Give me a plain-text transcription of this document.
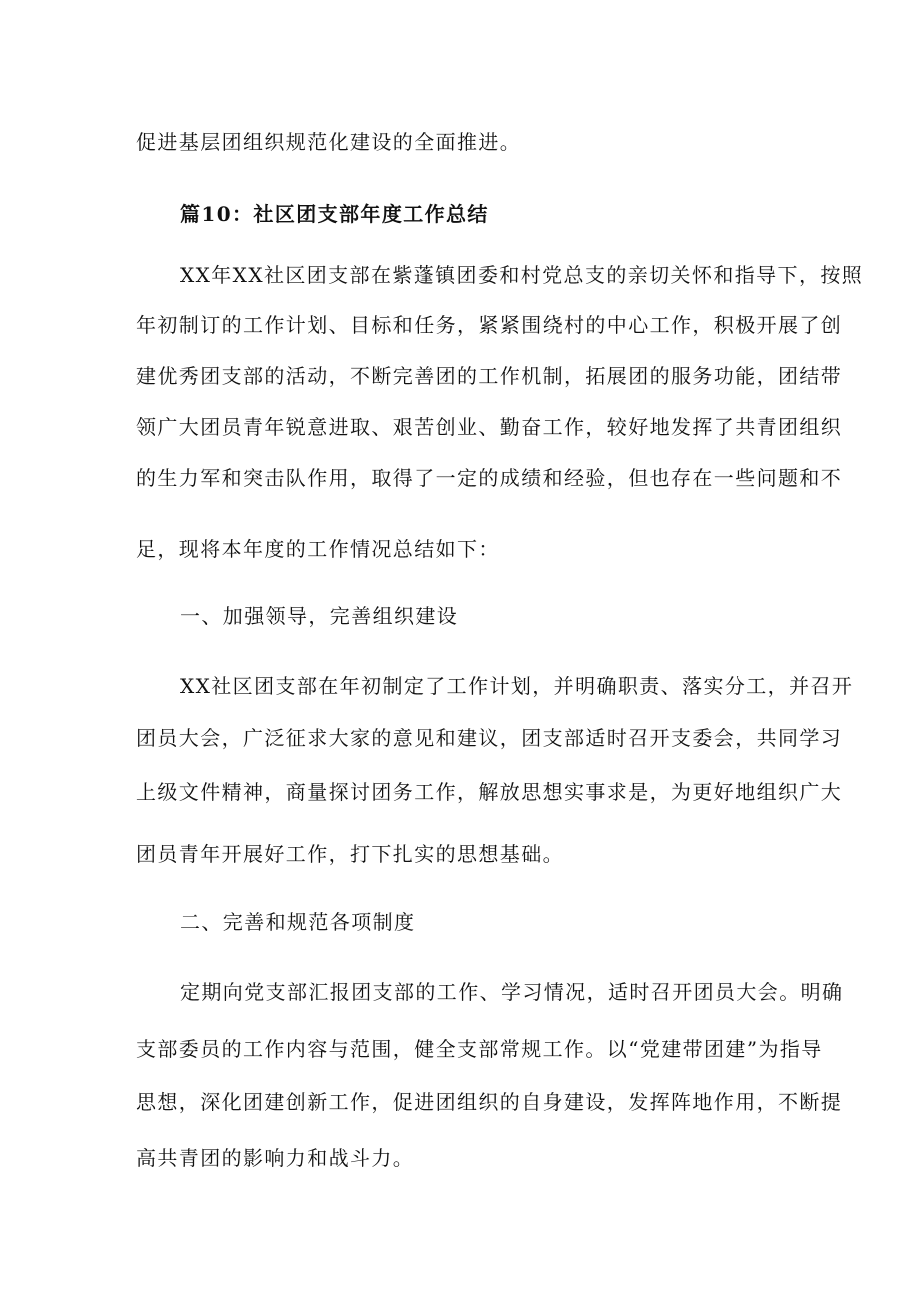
促进基层团组织规范化建设的全面推进。
篇10：社区团支部年度工作总结
XX年XX社区团支部在紫蓬镇团委和村党总支的亲切关怀和指导下，按照
年初制订的工作计划、目标和任务，紧紧围绕村的中心工作，积极开展了创
建优秀团支部的活动，不断完善团的工作机制，拓展团的服务功能，团结带
领广大团员青年锐意进取、艰苦创业、勤奋工作，较好地发挥了共青团组织
的生力军和突击队作用，取得了一定的成绩和经验，但也存在一些问题和不
足，现将本年度的工作情况总结如下：
一、加强领导，完善组织建设
XX社区团支部在年初制定了工作计划，并明确职责、落实分工，并召开
团员大会，广泛征求大家的意见和建议，团支部适时召开支委会，共同学习
上级文件精神，商量探讨团务工作，解放思想实事求是，为更好地组织广大
团员青年开展好工作，打下扎实的思想基础。
二、完善和规范各项制度
定期向党支部汇报团支部的工作、学习情况，适时召开团员大会。明确
支部委员的工作内容与范围，健全支部常规工作。以“党建带团建”为指导
思想，深化团建创新工作，促进团组织的自身建设，发挥阵地作用，不断提
高共青团的影响力和战斗力。
